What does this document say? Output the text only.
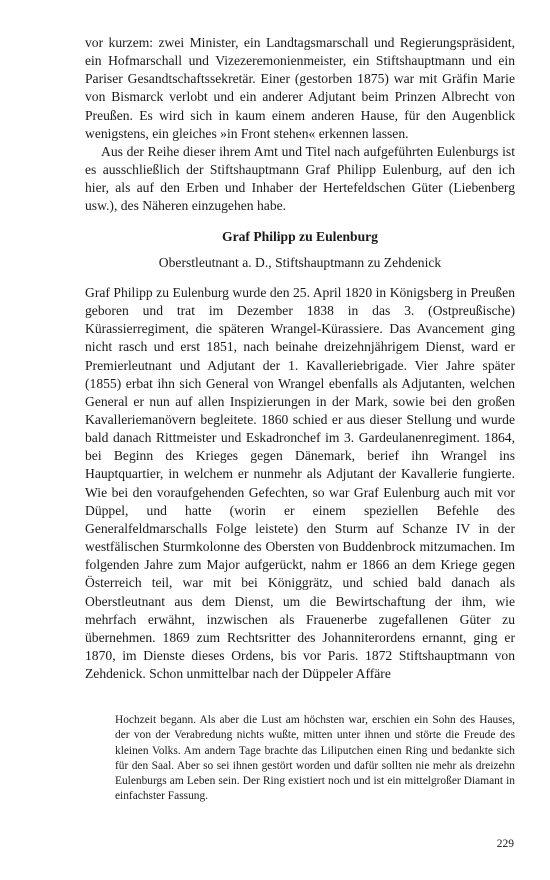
vor kurzem: zwei Minister, ein Landtagsmarschall und Regierungspräsident, ein Hofmarschall und Vizezeremonienmeister, ein Stiftshauptmann und ein Pariser Gesandtschaftssekretär. Einer (gestorben 1875) war mit Gräfin Marie von Bismarck verlobt und ein anderer Adjutant beim Prinzen Albrecht von Preußen. Es wird sich in kaum einem anderen Hause, für den Augenblick wenigstens, ein gleiches »in Front stehen« erkennen lassen.

Aus der Reihe dieser ihrem Amt und Titel nach aufgeführten Eulenburgs ist es ausschließlich der Stiftshauptmann Graf Philipp Eulenburg, auf den ich hier, als auf den Erben und Inhaber der Hertefeldschen Güter (Liebenberg usw.), des Näheren einzugehen habe.

Graf Philipp zu Eulenburg

Oberstleutnant a. D., Stiftshauptmann zu Zehdenick

Graf Philipp zu Eulenburg wurde den 25. April 1820 in Königsberg in Preußen geboren und trat im Dezember 1838 in das 3. (Ostpreußische) Kürassierregiment, die späteren Wrangel-Kürassiere. Das Avancement ging nicht rasch und erst 1851, nach beinahe dreizehnjährigem Dienst, ward er Premierleutnant und Adjutant der 1. Kavalleriebrigade. Vier Jahre später (1855) erbat ihn sich General von Wrangel ebenfalls als Adjutanten, welchen General er nun auf allen Inspizierungen in der Mark, sowie bei den großen Kavalleriemanövern begleitete. 1860 schied er aus dieser Stellung und wurde bald danach Rittmeister und Eskadronchef im 3. Gardeulanenregiment. 1864, bei Beginn des Krieges gegen Dänemark, berief ihn Wrangel ins Hauptquartier, in welchem er nunmehr als Adjutant der Kavallerie fungierte. Wie bei den voraufgehenden Gefechten, so war Graf Eulenburg auch mit vor Düppel, und hatte (worin er einem speziellen Befehle des Generalfeldmarschalls Folge leistete) den Sturm auf Schanze IV in der westfälischen Sturmkolonne des Obersten von Buddenbrock mitzumachen. Im folgenden Jahre zum Major aufgerückt, nahm er 1866 an dem Kriege gegen Österreich teil, war mit bei Königgrätz, und schied bald danach als Oberstleutnant aus dem Dienst, um die Bewirtschaftung der ihm, wie mehrfach erwähnt, inzwischen als Frauenerbe zugefallenen Güter zu übernehmen. 1869 zum Rechtsritter des Johanniterordens ernannt, ging er 1870, im Dienste dieses Ordens, bis vor Paris. 1872 Stiftshauptmann von Zehdenick. Schon unmittelbar nach der Düppeler Affäre

Hochzeit begann. Als aber die Lust am höchsten war, erschien ein Sohn des Hauses, der von der Verabredung nichts wußte, mitten unter ihnen und störte die Freude des kleinen Volks. Am andern Tage brachte das Liliputchen einen Ring und bedankte sich für den Saal. Aber so sei ihnen gestört worden und dafür sollten nie mehr als dreizehn Eulenburgs am Leben sein. Der Ring existiert noch und ist ein mittelgroßer Diamant in einfachster Fassung.
229
